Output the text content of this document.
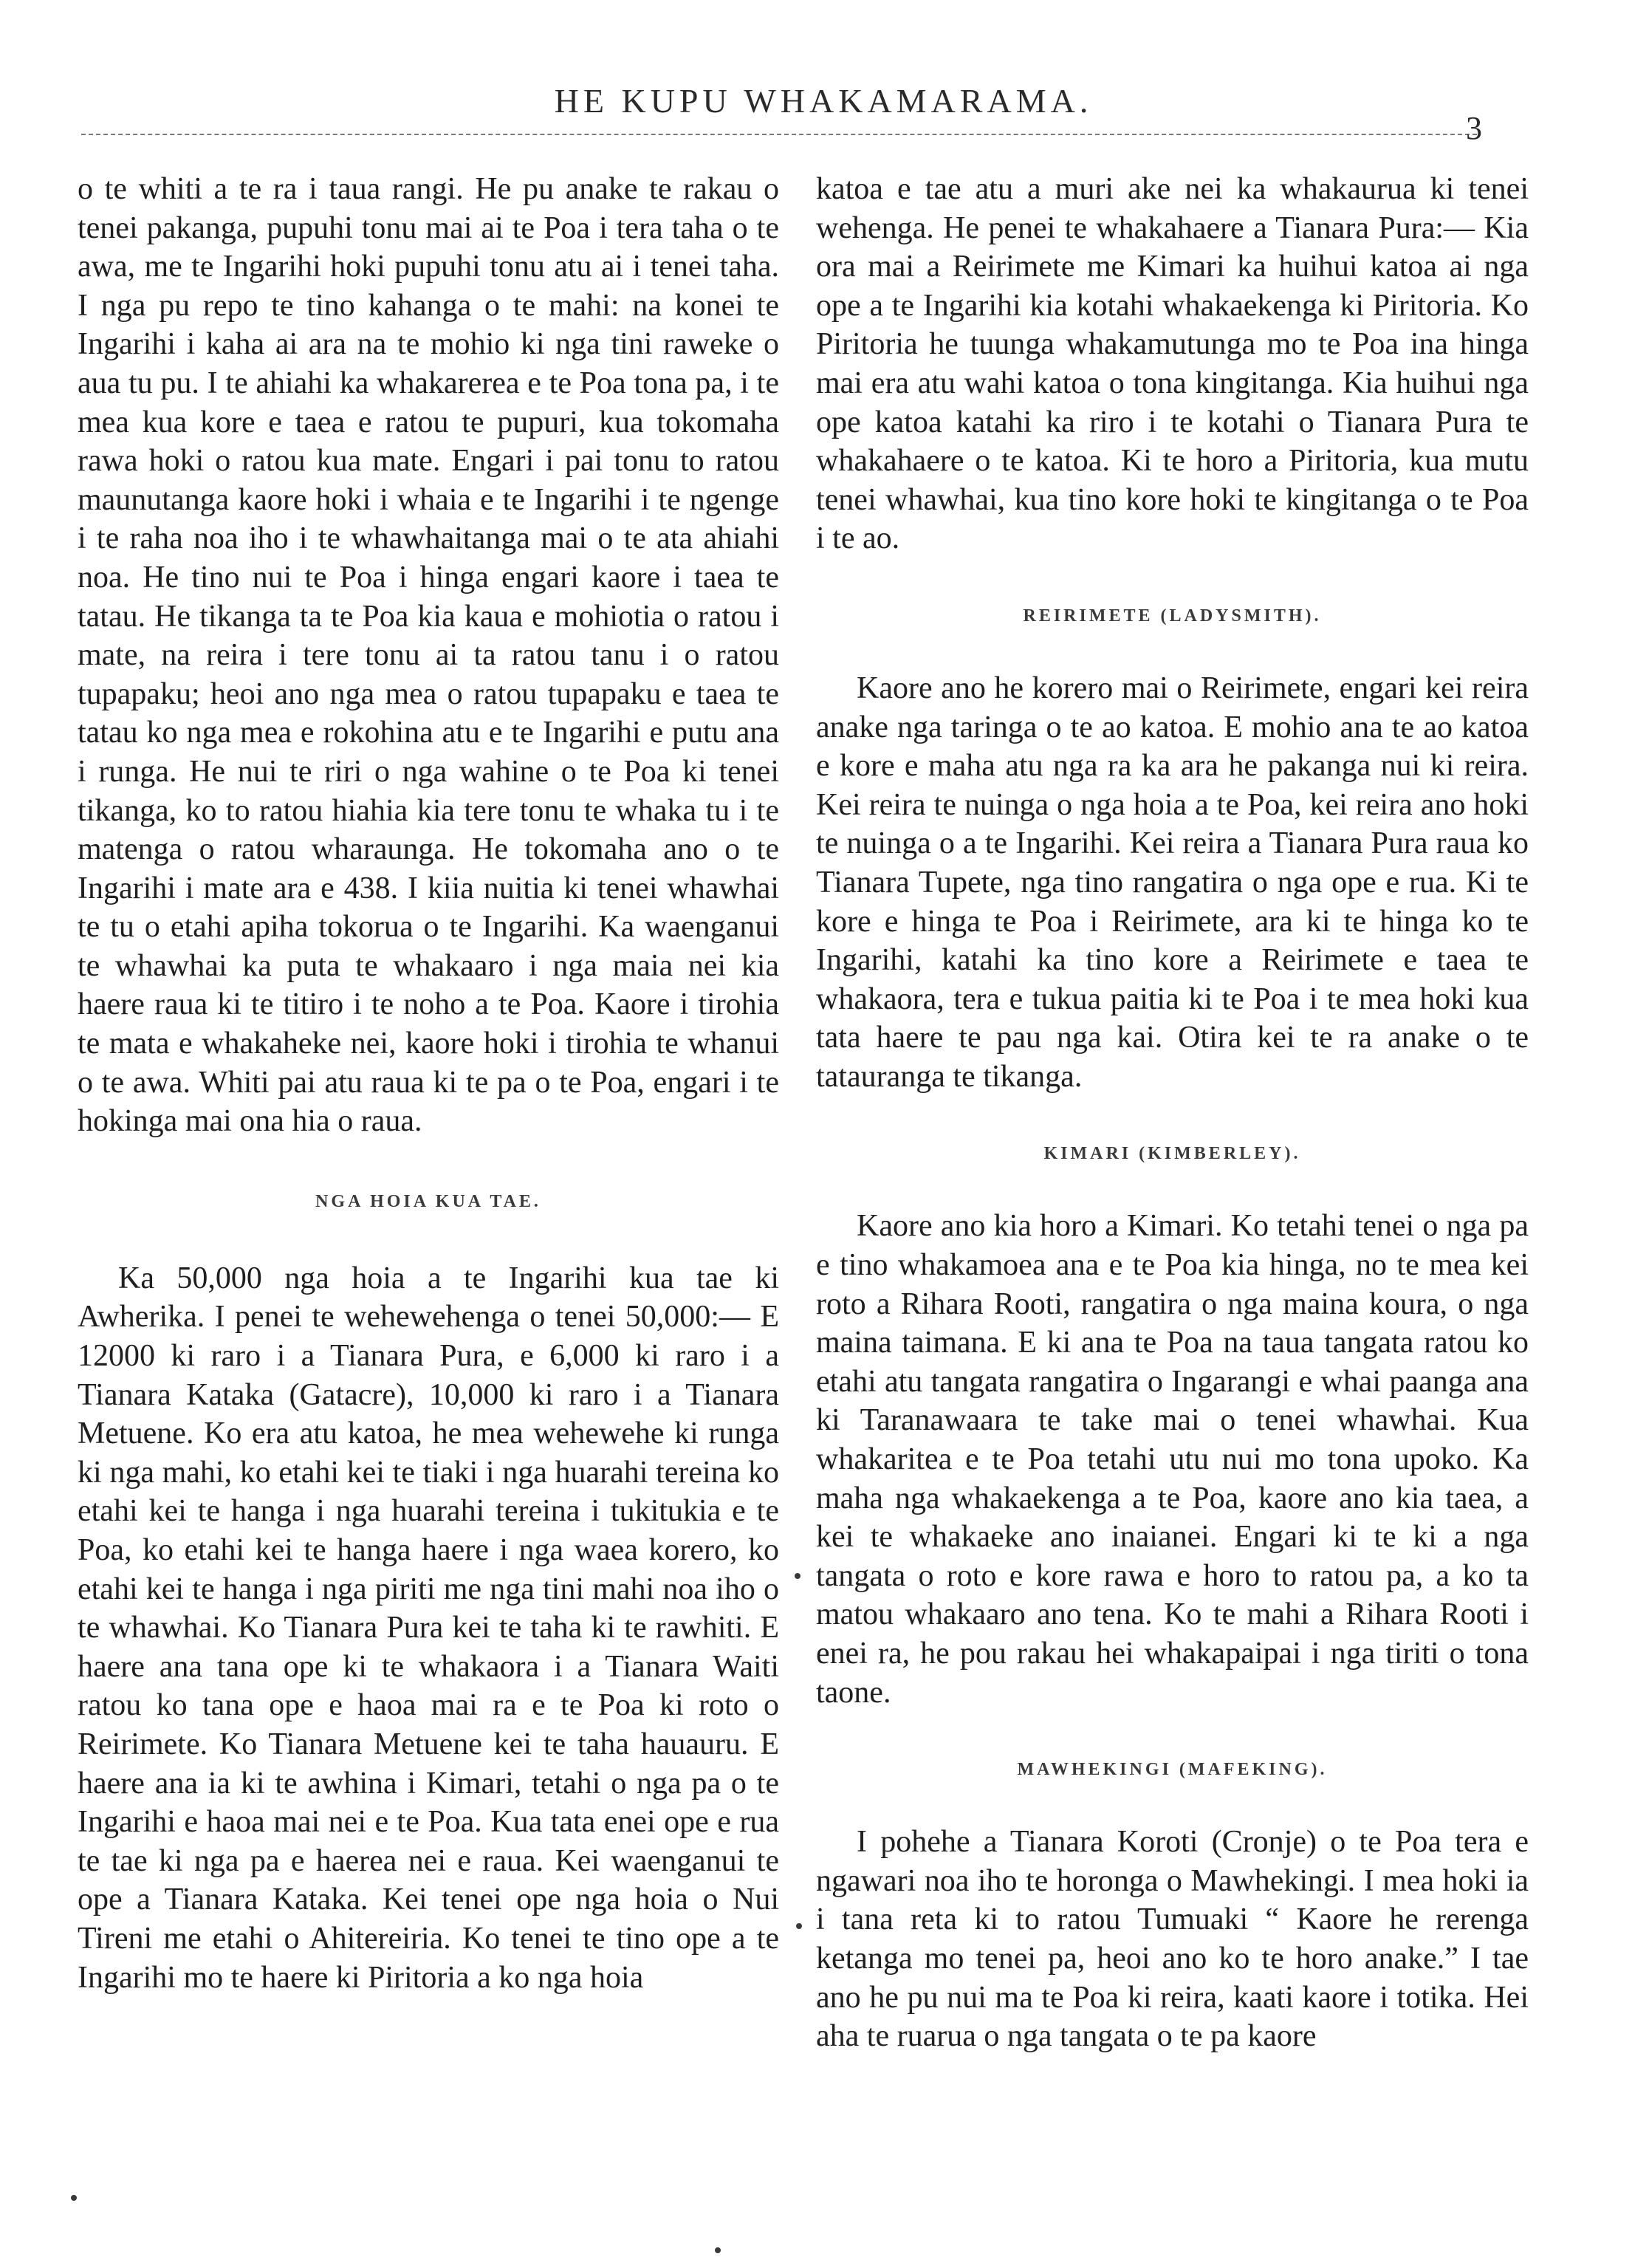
HE KUPU WHAKAMARAMA.
3

o te whiti a te ra i taua rangi. He pu anake te rakau o tenei pakanga, pupuhi tonu mai ai te Poa i tera taha o te awa, me te Ingarihi hoki pupuhi tonu atu ai i tenei taha. I nga pu repo te tino kahanga o te mahi: na konei te Ingarihi i kaha ai ara na te mohio ki nga tini raweke o aua tu pu. I te ahiahi ka whakarerea e te Poa tona pa, i te mea kua kore e taea e ratou te pupuri, kua tokomaha rawa hoki o ratou kua mate. Engari i pai tonu to ratou maunutanga kaore hoki i whaia e te Ingarihi i te ngenge i te raha noa iho i te whawhaitanga mai o te ata ahiahi noa. He tino nui te Poa i hinga engari kaore i taea te tatau. He tikanga ta te Poa kia kaua e mohiotia o ratou i mate, na reira i tere tonu ai ta ratou tanu i o ratou tupapaku; heoi ano nga mea o ratou tupapaku e taea te tatau ko nga mea e rokohina atu e te Ingarihi e putu ana i runga. He nui te riri o nga wahine o te Poa ki tenei tikanga, ko to ratou hiahia kia tere tonu te whaka tu i te matenga o ratou wharaunga. He tokomaha ano o te Ingarihi i mate ara e 438. I kiia nuitia ki tenei whawhai te tu o etahi apiha tokorua o te Ingarihi. Ka waenganui te whawhai ka puta te whakaaro i nga maia nei kia haere raua ki te titiro i te noho a te Poa. Kaore i tirohia te mata e whakaheke nei, kaore hoki i tirohia te whanui o te awa. Whiti pai atu raua ki te pa o te Poa, engari i te hokinga mai ona hia o raua.

NGA HOIA KUA TAE.

Ka 50,000 nga hoia a te Ingarihi kua tae ki Awherika. I penei te wehewehenga o tenei 50,000:— E 12000 ki raro i a Tianara Pura, e 6,000 ki raro i a Tianara Kataka (Gatacre), 10,000 ki raro i a Tianara Metuene. Ko era atu katoa, he mea wehewehe ki runga ki nga mahi, ko etahi kei te tiaki i nga huarahi tereina ko etahi kei te hanga i nga huarahi tereina i tukitukia e te Poa, ko etahi kei te hanga haere i nga waea korero, ko etahi kei te hanga i nga piriti me nga tini mahi noa iho o te whawhai. Ko Tianara Pura kei te taha ki te rawhiti. E haere ana tana ope ki te whakaora i a Tianara Waiti ratou ko tana ope e haoa mai ra e te Poa ki roto o Reirimete. Ko Tianara Metuene kei te taha hauauru. E haere ana ia ki te awhina i Kimari, tetahi o nga pa o te Ingarihi e haoa mai nei e te Poa. Kua tata enei ope e rua te tae ki nga pa e haerea nei e raua. Kei waenganui te ope a Tianara Kataka. Kei tenei ope nga hoia o Nui Tireni me etahi o Ahitereiria. Ko tenei te tino ope a te Ingarihi mo te haere ki Piritoria a ko nga hoia

katoa e tae atu a muri ake nei ka whakaurua ki tenei wehenga. He penei te whakahaere a Tianara Pura:— Kia ora mai a Reirimete me Kimari ka huihui katoa ai nga ope a te Ingarihi kia kotahi whakaekenga ki Piritoria. Ko Piritoria he tuunga whakamutunga mo te Poa ina hinga mai era atu wahi katoa o tona kingitanga. Kia huihui nga ope katoa katahi ka riro i te kotahi o Tianara Pura te whakahaere o te katoa. Ki te horo a Piritoria, kua mutu tenei whawhai, kua tino kore hoki te kingitanga o te Poa i te ao.

REIRIMETE (LADYSMITH).

Kaore ano he korero mai o Reirimete, engari kei reira anake nga taringa o te ao katoa. E mohio ana te ao katoa e kore e maha atu nga ra ka ara he pakanga nui ki reira. Kei reira te nuinga o nga hoia a te Poa, kei reira ano hoki te nuinga o a te Ingarihi. Kei reira a Tianara Pura raua ko Tianara Tupete, nga tino rangatira o nga ope e rua. Ki te kore e hinga te Poa i Reirimete, ara ki te hinga ko te Ingarihi, katahi ka tino kore a Reirimete e taea te whakaora, tera e tukua paitia ki te Poa i te mea hoki kua tata haere te pau nga kai. Otira kei te ra anake o te tatauranga te tikanga.

KIMARI (KIMBERLEY).

Kaore ano kia horo a Kimari. Ko tetahi tenei o nga pa e tino whakamoea ana e te Poa kia hinga, no te mea kei roto a Rihara Rooti, rangatira o nga maina koura, o nga maina taimana. E ki ana te Poa na taua tangata ratou ko etahi atu tangata rangatira o Ingarangi e whai paanga ana ki Taranawaara te take mai o tenei whawhai. Kua whakaritea e te Poa tetahi utu nui mo tona upoko. Ka maha nga whakaekenga a te Poa, kaore ano kia taea, a kei te whakaeke ano inaianei. Engari ki te ki a nga tangata o roto e kore rawa e horo to ratou pa, a ko ta matou whakaaro ano tena. Ko te mahi a Rihara Rooti i enei ra, he pou rakau hei whakapaipai i nga tiriti o tona taone.

MAWHEKINGI (MAFEKING).

I pohehe a Tianara Koroti (Cronje) o te Poa tera e ngawari noa iho te horonga o Mawhekingi. I mea hoki ia i tana reta ki to ratou Tumuaki “ Kaore he rerenga ketanga mo tenei pa, heoi ano ko te horo anake.” I tae ano he pu nui ma te Poa ki reira, kaati kaore i totika. Hei aha te ruarua o nga tangata o te pa kaore
